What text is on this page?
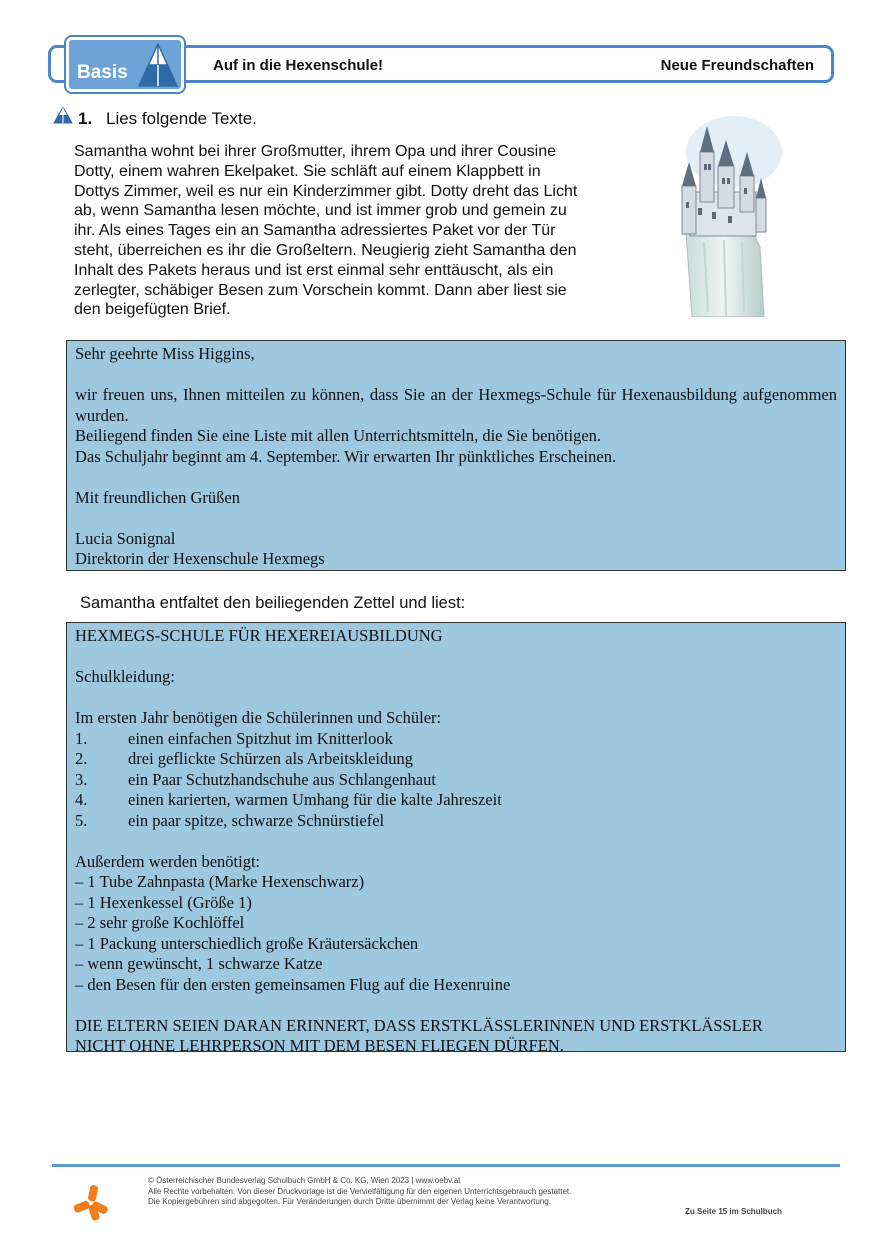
Basis	Auf in die Hexenschule!	Neue Freundschaften
1. Lies folgende Texte.
Samantha wohnt bei ihrer Großmutter, ihrem Opa und ihrer Cousine
Dotty, einem wahren Ekelpaket. Sie schläft auf einem Klappbett in
Dottys Zimmer, weil es nur ein Kinderzimmer gibt. Dotty dreht das Licht
ab, wenn Samantha lesen möchte, und ist immer grob und gemein zu
ihr. Als eines Tages ein an Samantha adressiertes Paket vor der Tür
steht, überreichen es ihr die Großeltern. Neugierig zieht Samantha den
Inhalt des Pakets heraus und ist erst einmal sehr enttäuscht, als ein
zerlegter, schäbiger Besen zum Vorschein kommt. Dann aber liest sie
den beigefügten Brief.

Sehr geehrte Miss Higgins,

wir freuen uns, Ihnen mitteilen zu können, dass Sie an der Hexmegs-Schule für Hexenausbildung aufgenommen wurden.

Beiliegend finden Sie eine Liste mit allen Unterrichtsmitteln, die Sie benötigen.

Das Schuljahr beginnt am 4. September. Wir erwarten Ihr pünktliches Erscheinen.

Mit freundlichen Grüßen

Lucia Sonignal

Direktorin der Hexenschule Hexmegs

Samantha entfaltet den beiliegenden Zettel und liest:

HEXMEGS-SCHULE FÜR HEXEREIAUSBILDUNG

Schulkleidung:

Im ersten Jahr benötigen die Schülerinnen und Schüler:

1.	einen einfachen Spitzhut im Knitterlook
2.	drei geflickte Schürzen als Arbeitskleidung
3.	ein Paar Schutzhandschuhe aus Schlangenhaut
4.	einen karierten, warmen Umhang für die kalte Jahreszeit
5.	ein paar spitze, schwarze Schnürstiefel

Außerdem werden benötigt:

– 1 Tube Zahnpasta (Marke Hexenschwarz)

– 1 Hexenkessel (Größe 1)

– 2 sehr große Kochlöffel

– 1 Packung unterschiedlich große Kräutersäckchen

– wenn gewünscht, 1 schwarze Katze

– den Besen für den ersten gemeinsamen Flug auf die Hexenruine

DIE ELTERN SEIEN DARAN ERINNERT, DASS ERSTKLÄSSLERINNEN UND ERSTKLÄSSLER

NICHT OHNE LEHRPERSON MIT DEM BESEN FLIEGEN DÜRFEN.

© Österreichischer Bundesverlag Schulbuch GmbH & Co. KG, Wien 2023 | www.oebv.at
Alle Rechte vorbehalten. Von dieser Druckvorlage ist die Vervielfältigung für den eigenen Unterrichtsgebrauch gestattet.
Die Kopiergebühren sind abgegolten. Für Veränderungen durch Dritte übernimmt der Verlag keine Verantwortung.
Zu Seite 15 im Schulbuch
